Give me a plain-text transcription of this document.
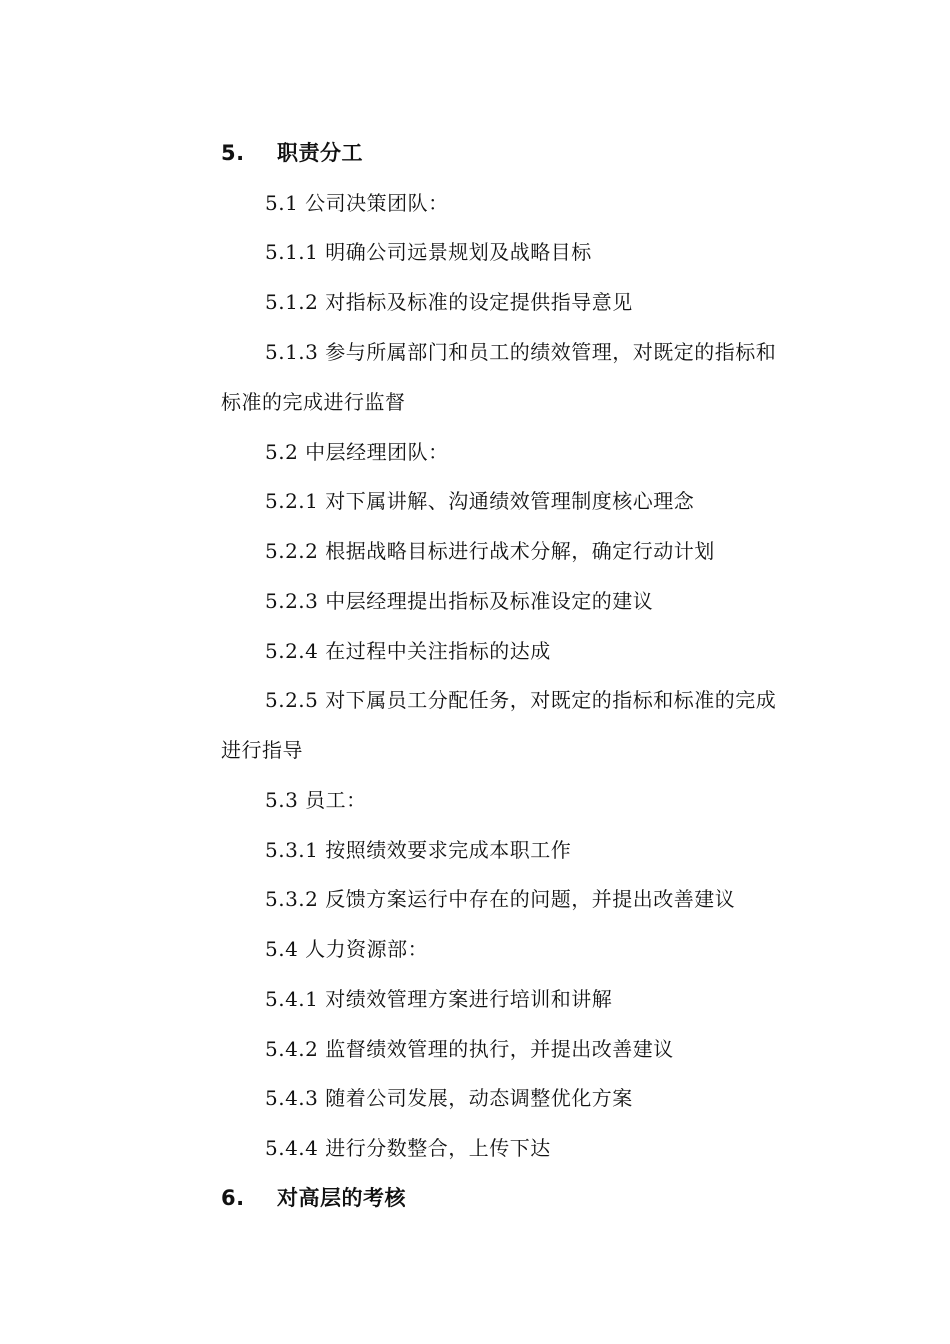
5. 职责分工
5.1 公司决策团队：
5.1.1 明确公司远景规划及战略目标
5.1.2 对指标及标准的设定提供指导意见
5.1.3 参与所属部门和员工的绩效管理，对既定的指标和
标准的完成进行监督
5.2 中层经理团队：
5.2.1 对下属讲解、沟通绩效管理制度核心理念
5.2.2 根据战略目标进行战术分解，确定行动计划
5.2.3 中层经理提出指标及标准设定的建议
5.2.4 在过程中关注指标的达成
5.2.5 对下属员工分配任务，对既定的指标和标准的完成
进行指导
5.3 员工：
5.3.1 按照绩效要求完成本职工作
5.3.2 反馈方案运行中存在的问题，并提出改善建议
5.4 人力资源部：
5.4.1 对绩效管理方案进行培训和讲解
5.4.2 监督绩效管理的执行，并提出改善建议
5.4.3 随着公司发展，动态调整优化方案
5.4.4 进行分数整合，上传下达
6. 对高层的考核
